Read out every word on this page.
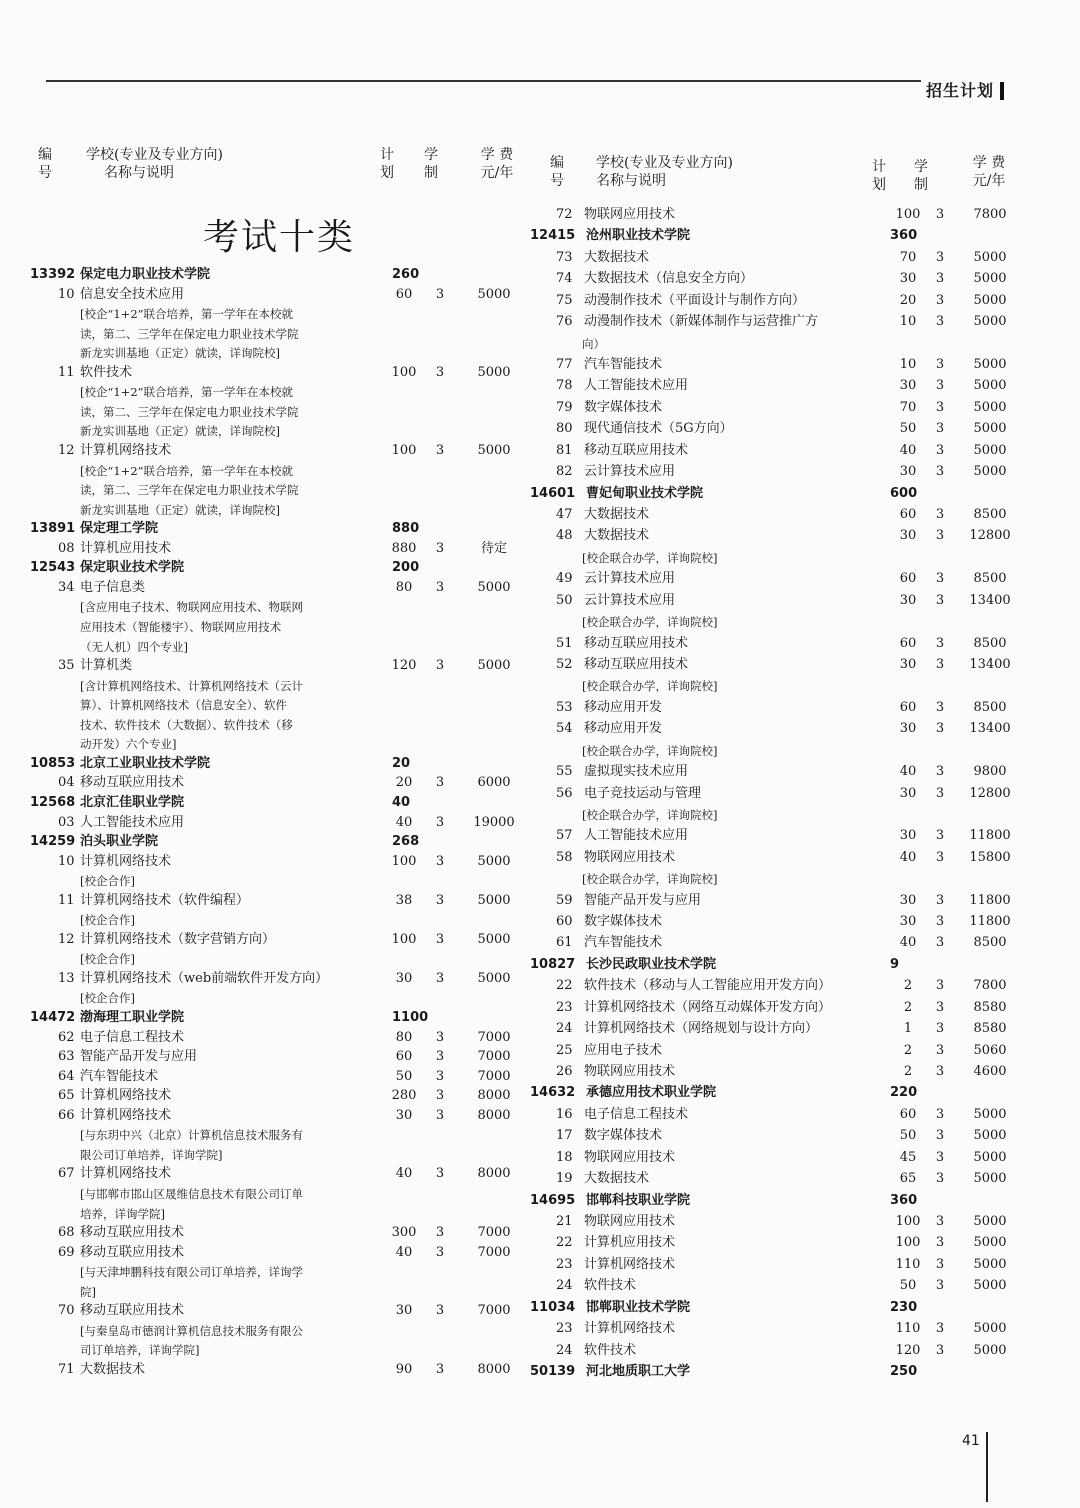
招生计划
编号
学校(专业及专业方向)
名称与说明
计划
学制
学 费
元/年
编号
学校(专业及专业方向)
名称与说明
计划
学制
学 费
元/年
考试十类
13392 保定电力职业技术学院	260
10 信息安全技术应用	60	3	5000
[校企“1+2”联合培养，第一学年在本校就
读，第二、三学年在保定电力职业技术学院
新龙实训基地（正定）就读，详询院校]
11 软件技术	100	3	5000
[校企“1+2”联合培养，第一学年在本校就
读，第二、三学年在保定电力职业技术学院
新龙实训基地（正定）就读，详询院校]
12 计算机网络技术	100	3	5000
[校企“1+2”联合培养，第一学年在本校就
读，第二、三学年在保定电力职业技术学院
新龙实训基地（正定）就读，详询院校]
13891 保定理工学院	880
08 计算机应用技术	880	3	待定
12543 保定职业技术学院	200
34 电子信息类	80	3	5000
[含应用电子技术、物联网应用技术、物联网
应用技术（智能楼宇）、物联网应用技术
（无人机）四个专业]
35 计算机类	120	3	5000
[含计算机网络技术、计算机网络技术（云计
算）、计算机网络技术（信息安全）、软件
技术、软件技术（大数据）、软件技术（移
动开发）六个专业]
10853 北京工业职业技术学院	20
04 移动互联应用技术	20	3	6000
12568 北京汇佳职业学院	40
03 人工智能技术应用	40	3	19000
14259 泊头职业学院	268
10 计算机网络技术	100	3	5000
[校企合作]
11 计算机网络技术（软件编程）	38	3	5000
[校企合作]
12 计算机网络技术（数字营销方向）	100	3	5000
[校企合作]
13 计算机网络技术（web前端软件开发方向）	30	3	5000
[校企合作]
14472 渤海理工职业学院	1100
62 电子信息工程技术	80	3	7000
63 智能产品开发与应用	60	3	7000
64 汽车智能技术	50	3	7000
65 计算机网络技术	280	3	8000
66 计算机网络技术	30	3	8000
[与东玥中兴（北京）计算机信息技术服务有
限公司订单培养，详询学院]
67 计算机网络技术	40	3	8000
[与邯郸市邯山区晟维信息技术有限公司订单
培养，详询学院]
68 移动互联应用技术	300	3	7000
69 移动互联应用技术	40	3	7000
[与天津坤鹏科技有限公司订单培养，详询学
院]
70 移动互联应用技术	30	3	7000
[与秦皇岛市德润计算机信息技术服务有限公
司订单培养，详询学院]
71 大数据技术	90	3	8000
72 物联网应用技术	100	3	7800
12415 沧州职业技术学院	360
73 大数据技术	70	3	5000
74 大数据技术（信息安全方向）	30	3	5000
75 动漫制作技术（平面设计与制作方向）	20	3	5000
76 动漫制作技术（新媒体制作与运营推广方	10	3	5000
向）
77 汽车智能技术	10	3	5000
78 人工智能技术应用	30	3	5000
79 数字媒体技术	70	3	5000
80 现代通信技术（5G方向）	50	3	5000
81 移动互联应用技术	40	3	5000
82 云计算技术应用	30	3	5000
14601 曹妃甸职业技术学院	600
47 大数据技术	60	3	8500
48 大数据技术	30	3	12800
[校企联合办学，详询院校]
49 云计算技术应用	60	3	8500
50 云计算技术应用	30	3	13400
[校企联合办学，详询院校]
51 移动互联应用技术	60	3	8500
52 移动互联应用技术	30	3	13400
[校企联合办学，详询院校]
53 移动应用开发	60	3	8500
54 移动应用开发	30	3	13400
[校企联合办学，详询院校]
55 虚拟现实技术应用	40	3	9800
56 电子竞技运动与管理	30	3	12800
[校企联合办学，详询院校]
57 人工智能技术应用	30	3	11800
58 物联网应用技术	40	3	15800
[校企联合办学，详询院校]
59 智能产品开发与应用	30	3	11800
60 数字媒体技术	30	3	11800
61 汽车智能技术	40	3	8500
10827 长沙民政职业技术学院	9
22 软件技术（移动与人工智能应用开发方向）	2	3	7800
23 计算机网络技术（网络互动媒体开发方向）	2	3	8580
24 计算机网络技术（网络规划与设计方向）	1	3	8580
25 应用电子技术	2	3	5060
26 物联网应用技术	2	3	4600
14632 承德应用技术职业学院	220
16 电子信息工程技术	60	3	5000
17 数字媒体技术	50	3	5000
18 物联网应用技术	45	3	5000
19 大数据技术	65	3	5000
14695 邯郸科技职业学院	360
21 物联网应用技术	100	3	5000
22 计算机应用技术	100	3	5000
23 计算机网络技术	110	3	5000
24 软件技术	50	3	5000
11034 邯郸职业技术学院	230
23 计算机网络技术	110	3	5000
24 软件技术	120	3	5000
50139 河北地质职工大学	250
41
